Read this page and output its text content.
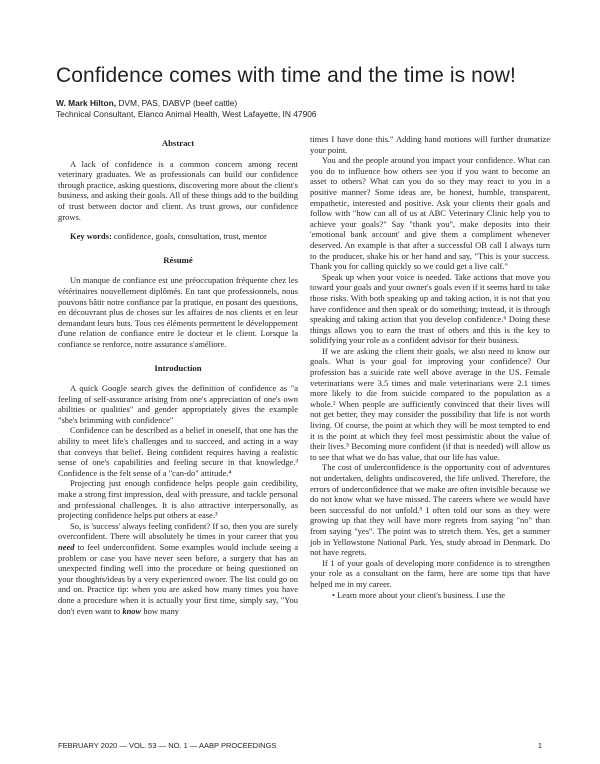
Confidence comes with time and the time is now!
W. Mark Hilton, DVM, PAS, DABVP (beef cattle)
Technical Consultant, Elanco Animal Health, West Lafayette, IN 47906
Abstract

A lack of confidence is a common concern among recent veterinary graduates. We as professionals can build our confidence through practice, asking questions, discovering more about the client's business, and asking their goals. All of these things add to the building of trust between doctor and client. As trust grows, our confidence grows.

Key words: confidence, goals, consultation, trust, mentor

Résumé

Un manque de confiance est une préoccupation fréquente chez les vétérinaires nouvellement diplômés. En tant que professionnels, nous pouvons bâtir notre confiance par la pratique, en posant des questions, en découvrant plus de choses sur les affaires de nos clients et en leur demandant leurs buts. Tous ces éléments permettent le développement d'une relation de confiance entre le docteur et le client. Lorsque la confiance se renforce, notre assurance s'améliore.

Introduction

A quick Google search gives the definition of confidence as "a feeling of self-assurance arising from one's appreciation of one's own abilities or qualities" and gender appropriately gives the example "she's brimming with confidence"

Confidence can be described as a belief in oneself, that one has the ability to meet life's challenges and to succeed, and acting in a way that conveys that belief. Being confident requires having a realistic sense of one's capabilities and feeling secure in that knowledge.³ Confidence is the felt sense of a "can-do" attitude.⁴

Projecting just enough confidence helps people gain credibility, make a strong first impression, deal with pressure, and tackle personal and professional challenges. It is also attractive interpersonally, as projecting confidence helps put others at ease.³

So, is 'success' always feeling confident? If so, then you are surely overconfident. There will absolutely be times in your career that you need to feel underconfident. Some examples would include seeing a problem or case you have never seen before, a surgery that has an unexpected finding well into the procedure or being questioned on your thoughts/ideas by a very experienced owner. The list could go on and on. Practice tip: when you are asked how many times you have done a procedure when it is actually your first time, simply say, "You don't even want to know how many

times I have done this." Adding hand motions will further dramatize your point.

You and the people around you impact your confidence. What can you do to influence how others see you if you want to become an asset to others? What can you do so they may react to you in a positive manner? Some ideas are, be honest, humble, transparent, empathetic, interested and positive. Ask your clients their goals and follow with "how can all of us at ABC Veterinary Clinic help you to achieve your goals?" Say "thank you", make deposits into their 'emotional bank account' and give them a compliment whenever deserved. An example is that after a successful OB call I always turn to the producer, shake his or her hand and say, "This is your success. Thank you for calling quickly so we could get a live calf."

Speak up when your voice is needed. Take actions that move you toward your goals and your owner's goals even if it seems hard to take those risks. With both speaking up and taking action, it is not that you have confidence and then speak or do something; instead, it is through speaking and taking action that you develop confidence.⁶ Doing these things allows you to earn the trust of others and this is the key to solidifying your role as a confident advisor for their business.

If we are asking the client their goals, we also need to know our goals. What is your goal for improving your confidence? Our profession has a suicide rate well above average in the US. Female veterinarians were 3.5 times and male veterinarians were 2.1 times more likely to die from suicide compared to the population as a whole.² When people are sufficiently convinced that their lives will not get better, they may consider the possibility that life is not worth living. Of course, the point at which they will be most tempted to end it is the point at which they feel most pessimistic about the value of their lives.⁵ Becoming more confident (if that is needed) will allow us to see that what we do has value, that our life has value.

The cost of underconfidence is the opportunity cost of adventures not undertaken, delights undiscovered, the life unlived. Therefore, the errors of underconfidence that we make are often invisible because we do not know what we have missed. The careers where we would have been successful do not unfold.⁵ I often told our sons as they were growing up that they will have more regrets from saying "no" than from saying "yes". The point was to stretch them. Yes, get a summer job in Yellowstone National Park. Yes, study abroad in Denmark. Do not have regrets.

If 1 of your goals of developing more confidence is to strengthen your role as a consultant on the farm, here are some tips that have helped me in my career.

• Learn more about your client's business. I use the

FEBRUARY 2020 — VOL. 53 — NO. 1 — AABP PROCEEDINGS	1
